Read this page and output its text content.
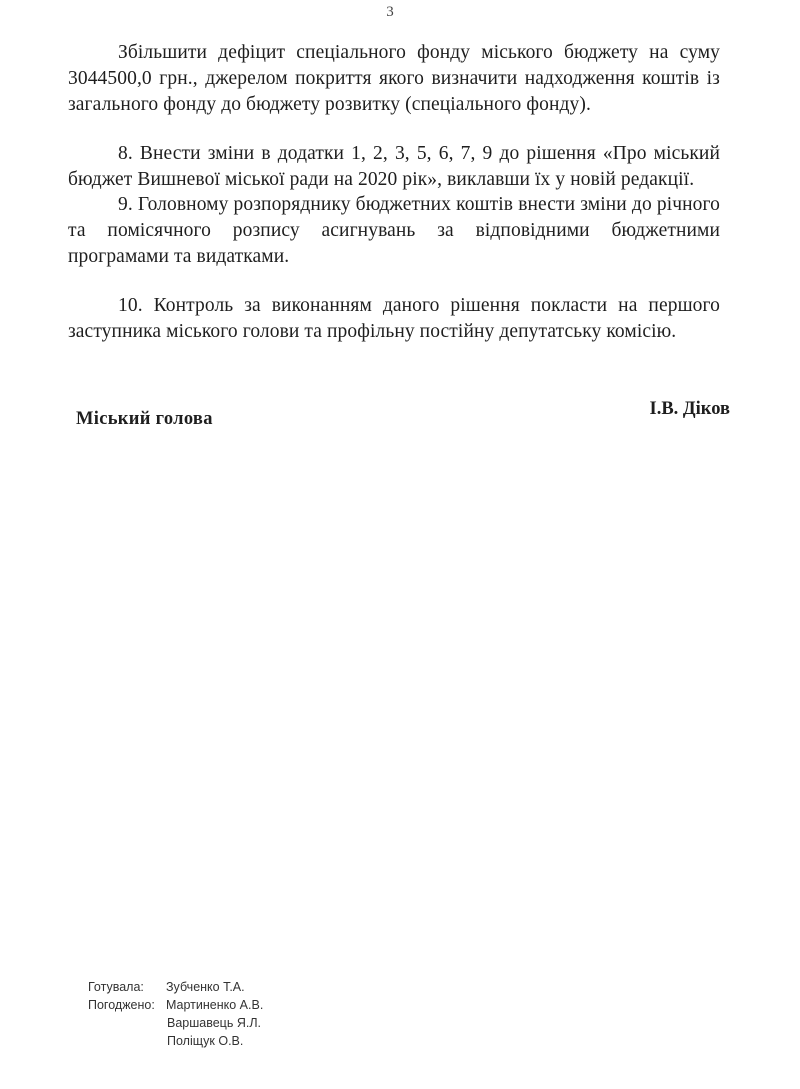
3

Збільшити дефіцит спеціального фонду міського бюджету на суму 3044500,0 грн., джерелом покриття якого визначити надходження коштів із загального фонду до бюджету розвитку (спеціального фонду).

8. Внести зміни в додатки 1, 2, 3, 5, 6, 7, 9 до рішення «Про міський бюджет Вишневої міської ради на 2020 рік», виклавши їх у новій редакції.

9. Головному розпоряднику бюджетних коштів внести зміни до річного та помісячного розпису асигнувань за відповідними бюджетними програмами та видатками.

10. Контроль за виконанням даного рішення покласти на першого заступника міського голови та профільну постійну депутатську комісію.

Міський голова	І.В. Діков
Готувала: Зубченко Т.А.
Погоджено: Мартиненко А.В.
Варшавець Я.Л.
Поліщук О.В.
